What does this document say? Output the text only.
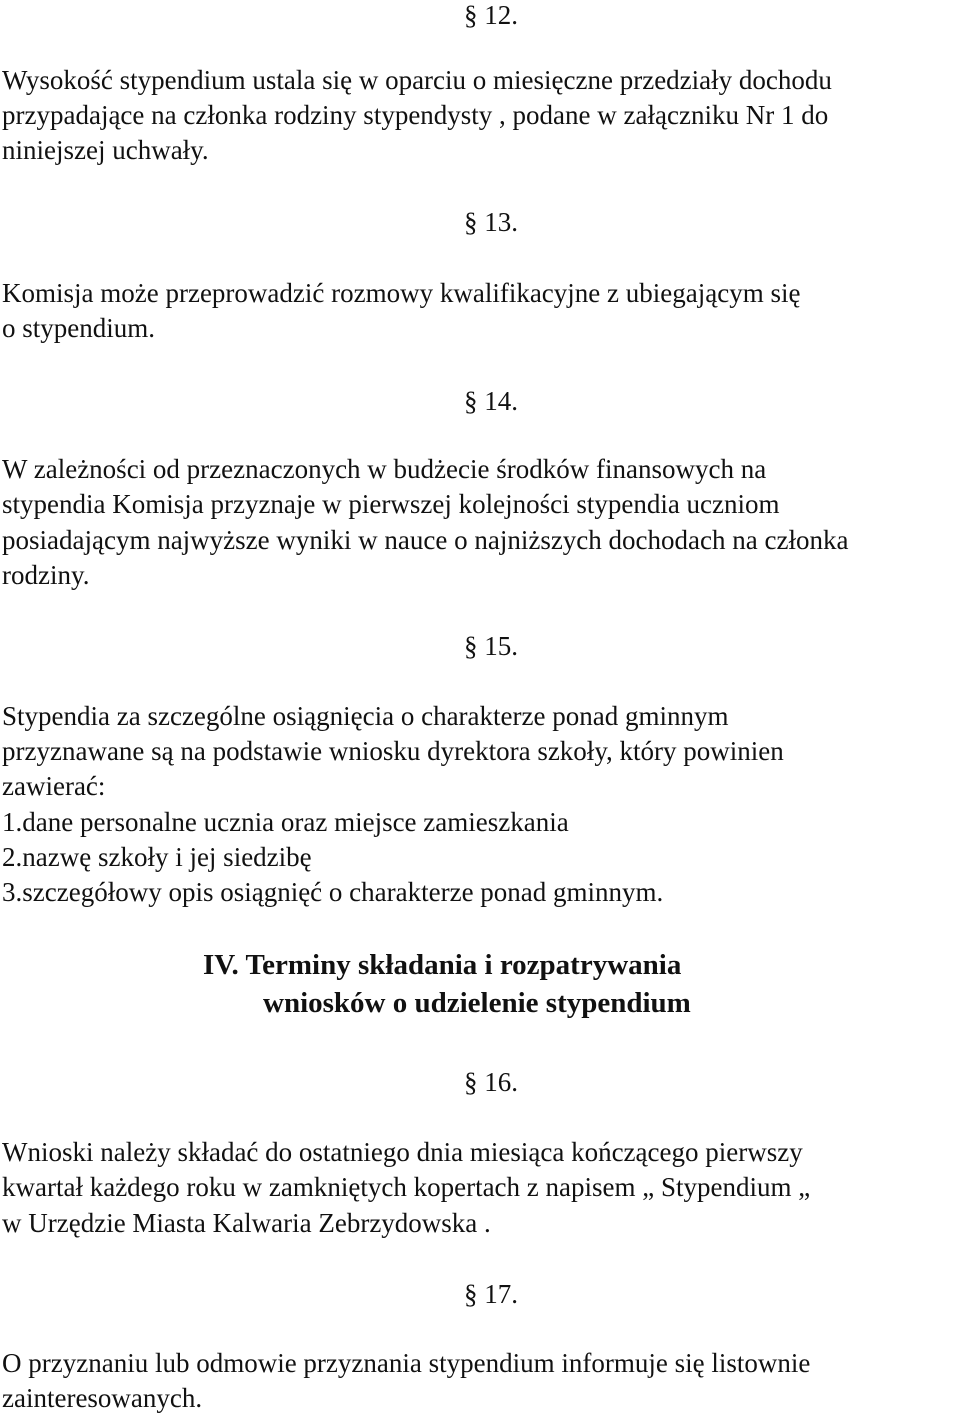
§ 12.
Wysokość stypendium ustala się w oparciu o miesięczne przedziały dochodu
przypadające na członka rodziny stypendysty , podane w załączniku Nr 1 do
niniejszej uchwały.
§ 13.
Komisja może przeprowadzić rozmowy kwalifikacyjne z ubiegającym się
o stypendium.
§ 14.
W zależności od przeznaczonych w budżecie środków finansowych na
stypendia Komisja przyznaje w pierwszej kolejności stypendia uczniom
posiadającym najwyższe wyniki w nauce o najniższych dochodach na członka
rodziny.
§ 15.
Stypendia za szczególne osiągnięcia o charakterze ponad gminnym
przyznawane są na podstawie wniosku dyrektora szkoły, który powinien
zawierać:
1.dane personalne ucznia oraz miejsce zamieszkania
2.nazwę szkoły i jej siedzibę
3.szczegółowy opis osiągnięć o charakterze ponad gminnym.
IV. Terminy składania i rozpatrywania
wniosków o udzielenie stypendium
§ 16.
Wnioski należy składać do ostatniego dnia miesiąca kończącego pierwszy
kwartał każdego roku w zamkniętych kopertach z napisem „ Stypendium „
w Urzędzie Miasta Kalwaria Zebrzydowska .
§ 17.
O przyznaniu lub odmowie przyznania stypendium informuje się listownie
zainteresowanych.
